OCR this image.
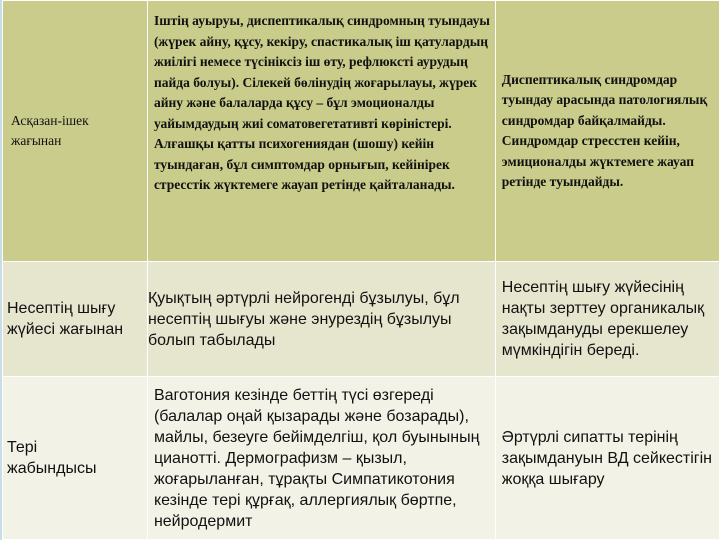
Асқазан-ішек
жағынан	Іштің ауыруы, диспептикалық синдромның туындауы (жүрек айну, құсу, кекіру, спастикалық іш қатулардың жиілігі немесе түсініксіз іш өту, рефлюксті аурудың пайда болуы). Сілекей бөлінудің жоғарылауы, жүрек айну және балаларда құсу – бұл эмоционалды уайымдаудың жиі соматовегетативті көріністері. Алғашқы қатты психогениядан (шошу) кейін туындаған, бұл симптомдар орнығып, кейінірек стресстік жүктемеге жауап ретінде қайталанады.	Диспептикалық синдромдар туындау арасында патологиялық синдромдар байқалмайды. Синдромдар стресстен кейін, эмиционалды жүктемеге жауап ретінде туындайды.

Несептің шығу
жүйесі жағынан	Қуықтың әртүрлі нейрогенді бұзылуы, бұл несептің шығуы және энурездің бұзылуы болып табылады	Несептің шығу жүйесінің нақты зерттеу органикалық зақымдануды ерекшелеу мүмкіндігін береді.

Тері
жабындысы	Ваготония кезінде беттің түсі өзгереді (балалар оңай қызарады және бозарады), майлы, безеуге бейімделгіш, қол буынының цианотті. Дермографизм – қызыл, жоғарыланған, тұрақты Симпатикотония кезінде тері құрғақ, аллергиялық бөртпе, нейродермит	Әртүрлі сипатты терінің зақымдануын ВД сейкестігін жоққа шығару
